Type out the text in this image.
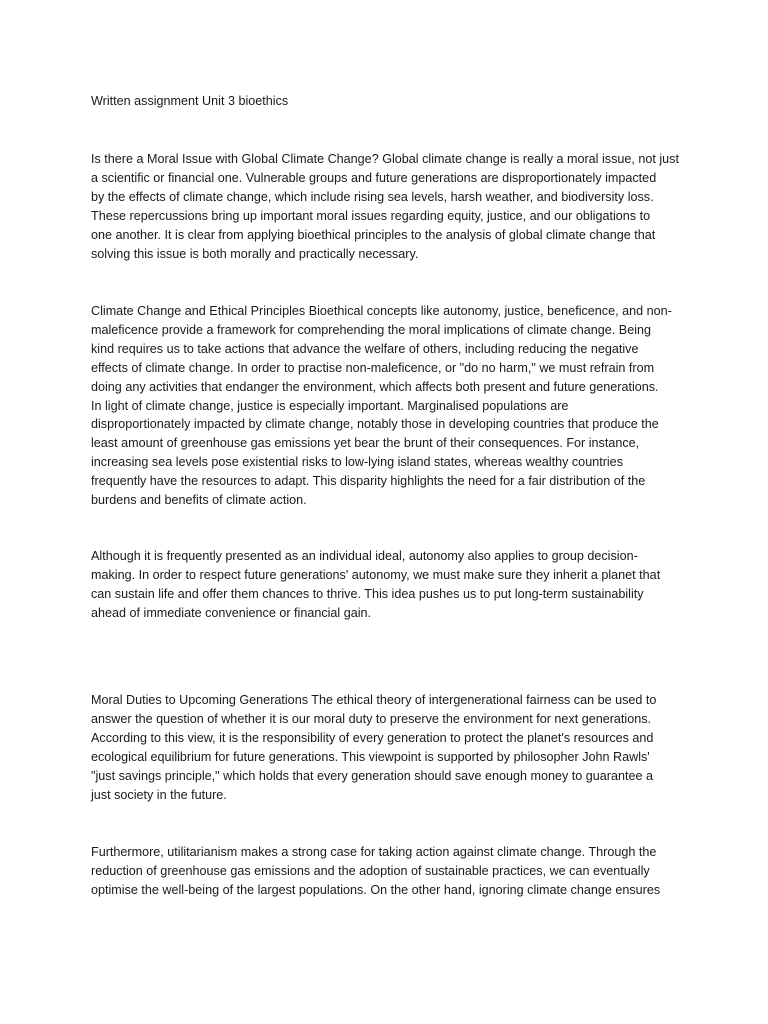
Written assignment Unit 3 bioethics

Is there a Moral Issue with Global Climate Change? Global climate change is really a moral issue, not just
a scientific or financial one. Vulnerable groups and future generations are disproportionately impacted
by the effects of climate change, which include rising sea levels, harsh weather, and biodiversity loss.
These repercussions bring up important moral issues regarding equity, justice, and our obligations to
one another. It is clear from applying bioethical principles to the analysis of global climate change that
solving this issue is both morally and practically necessary.

Climate Change and Ethical Principles Bioethical concepts like autonomy, justice, beneficence, and non-
maleficence provide a framework for comprehending the moral implications of climate change. Being
kind requires us to take actions that advance the welfare of others, including reducing the negative
effects of climate change. In order to practise non-maleficence, or "do no harm," we must refrain from
doing any activities that endanger the environment, which affects both present and future generations.
In light of climate change, justice is especially important. Marginalised populations are
disproportionately impacted by climate change, notably those in developing countries that produce the
least amount of greenhouse gas emissions yet bear the brunt of their consequences. For instance,
increasing sea levels pose existential risks to low-lying island states, whereas wealthy countries
frequently have the resources to adapt. This disparity highlights the need for a fair distribution of the
burdens and benefits of climate action.

Although it is frequently presented as an individual ideal, autonomy also applies to group decision-
making. In order to respect future generations' autonomy, we must make sure they inherit a planet that
can sustain life and offer them chances to thrive. This idea pushes us to put long-term sustainability
ahead of immediate convenience or financial gain.

Moral Duties to Upcoming Generations The ethical theory of intergenerational fairness can be used to
answer the question of whether it is our moral duty to preserve the environment for next generations.
According to this view, it is the responsibility of every generation to protect the planet's resources and
ecological equilibrium for future generations. This viewpoint is supported by philosopher John Rawls'
"just savings principle," which holds that every generation should save enough money to guarantee a
just society in the future.

Furthermore, utilitarianism makes a strong case for taking action against climate change. Through the
reduction of greenhouse gas emissions and the adoption of sustainable practices, we can eventually
optimise the well-being of the largest populations. On the other hand, ignoring climate change ensures
